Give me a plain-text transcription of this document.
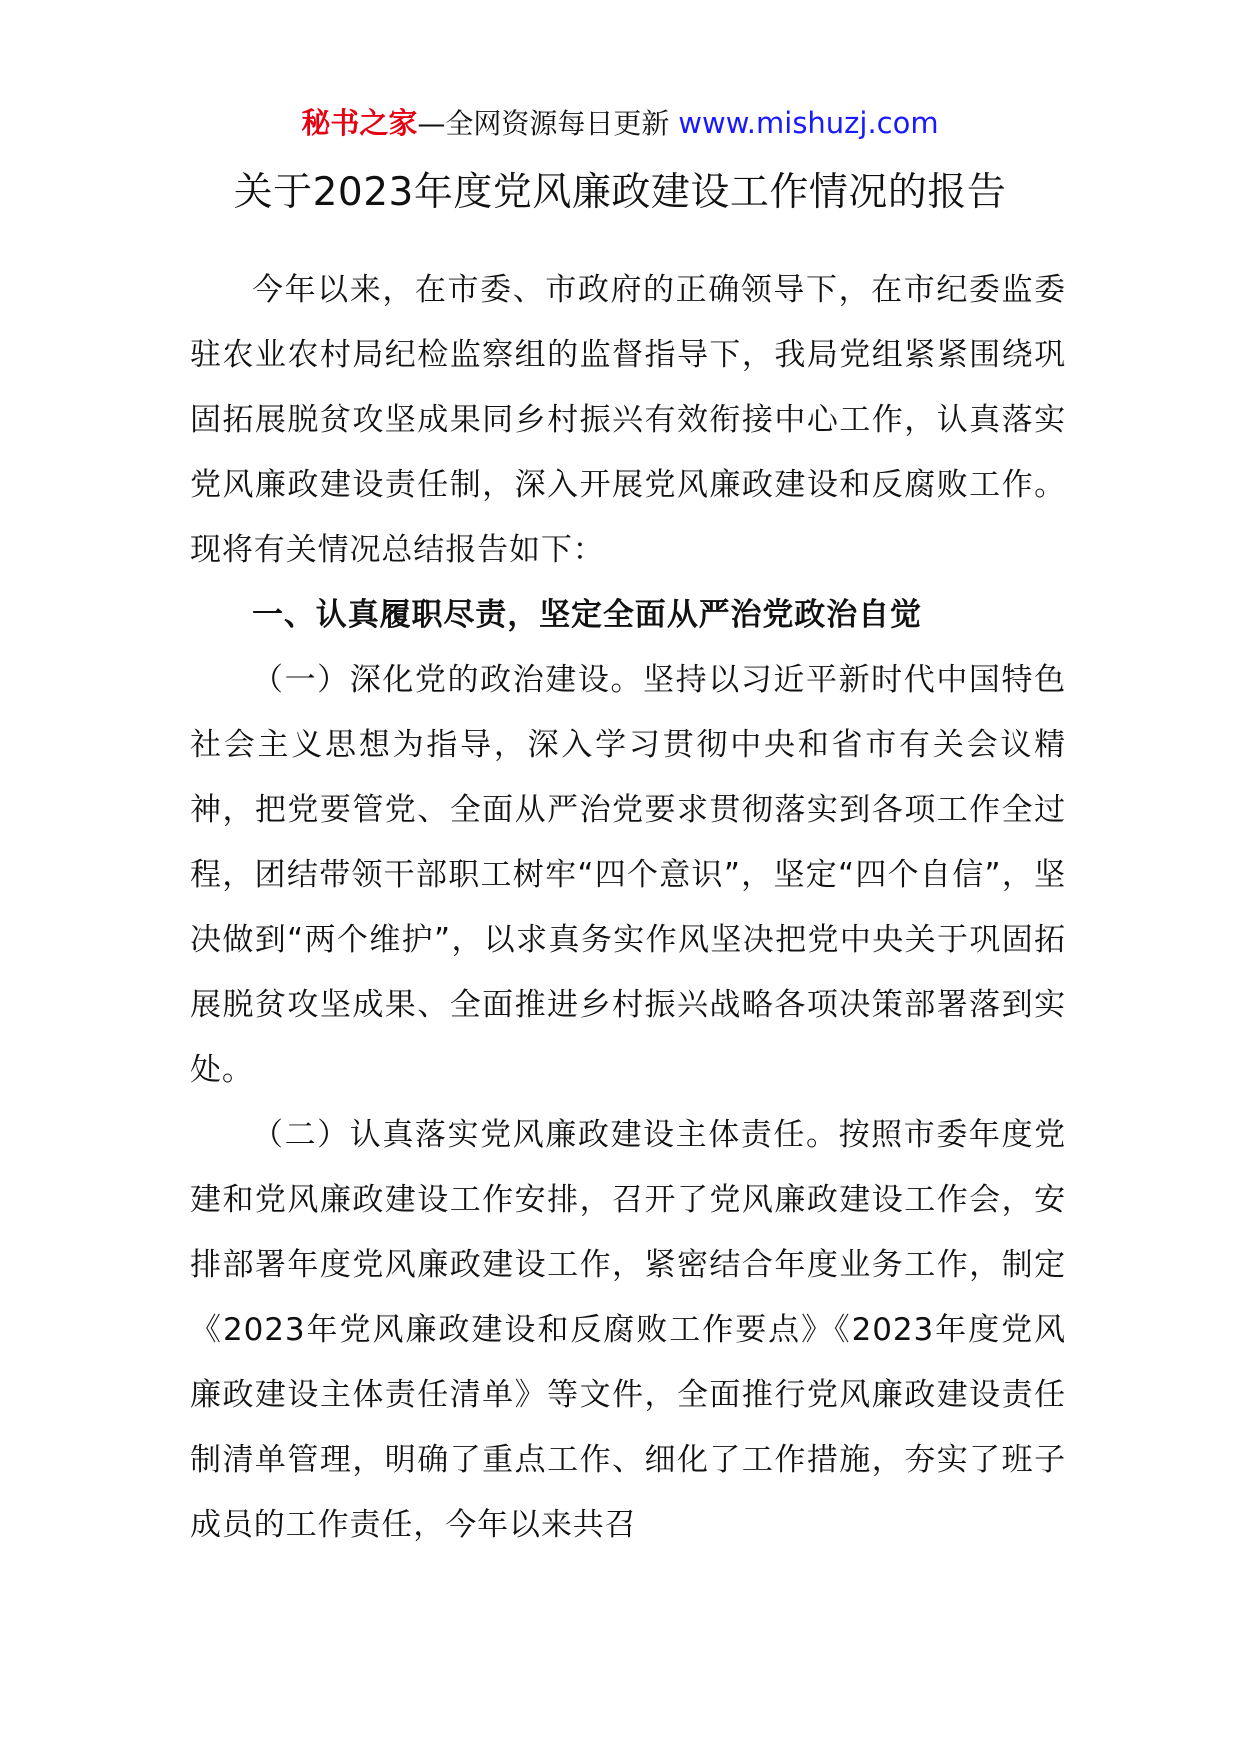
秘书之家—全网资源每日更新 www.mishuzj.com
关于2023年度党风廉政建设工作情况的报告

今年以来，在市委、市政府的正确领导下，在市纪委监委驻农业农村局纪检监察组的监督指导下，我局党组紧紧围绕巩固拓展脱贫攻坚成果同乡村振兴有效衔接中心工作，认真落实党风廉政建设责任制，深入开展党风廉政建设和反腐败工作。现将有关情况总结报告如下：

一、认真履职尽责，坚定全面从严治党政治自觉

（一）深化党的政治建设。坚持以习近平新时代中国特色社会主义思想为指导，深入学习贯彻中央和省市有关会议精神，把党要管党、全面从严治党要求贯彻落实到各项工作全过程，团结带领干部职工树牢“四个意识”，坚定“四个自信”，坚决做到“两个维护”，以求真务实作风坚决把党中央关于巩固拓展脱贫攻坚成果、全面推进乡村振兴战略各项决策部署落到实处。

（二）认真落实党风廉政建设主体责任。按照市委年度党建和党风廉政建设工作安排，召开了党风廉政建设工作会，安排部署年度党风廉政建设工作，紧密结合年度业务工作，制定《2023年党风廉政建设和反腐败工作要点》《2023年度党风廉政建设主体责任清单》等文件，全面推行党风廉政建设责任制清单管理，明确了重点工作、细化了工作措施，夯实了班子成员的工作责任，今年以来共召
